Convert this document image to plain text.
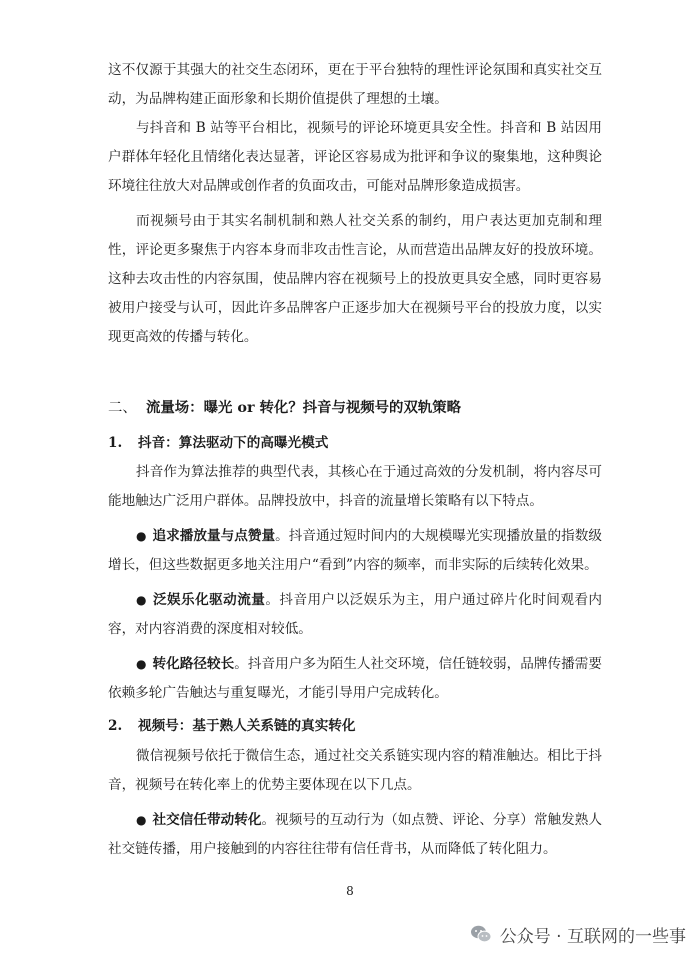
这不仅源于其强大的社交生态闭环，更在于平台独特的理性评论氛围和真实社交互动，为品牌构建正面形象和长期价值提供了理想的土壤。

与抖音和 B 站等平台相比，视频号的评论环境更具安全性。抖音和 B 站因用户群体年轻化且情绪化表达显著，评论区容易成为批评和争议的聚集地，这种舆论环境往往放大对品牌或创作者的负面攻击，可能对品牌形象造成损害。

而视频号由于其实名制机制和熟人社交关系的制约，用户表达更加克制和理性，评论更多聚焦于内容本身而非攻击性言论，从而营造出品牌友好的投放环境。这种去攻击性的内容氛围，使品牌内容在视频号上的投放更具安全感，同时更容易被用户接受与认可，因此许多品牌客户正逐步加大在视频号平台的投放力度，以实现更高效的传播与转化。

二、 流量场：曝光 or 转化？抖音与视频号的双轨策略
1. 抖音：算法驱动下的高曝光模式

抖音作为算法推荐的典型代表，其核心在于通过高效的分发机制，将内容尽可能地触达广泛用户群体。品牌投放中，抖音的流量增长策略有以下特点。

● 追求播放量与点赞量。抖音通过短时间内的大规模曝光实现播放量的指数级增长，但这些数据更多地关注用户“看到”内容的频率，而非实际的后续转化效果。

● 泛娱乐化驱动流量。抖音用户以泛娱乐为主，用户通过碎片化时间观看内容，对内容消费的深度相对较低。

● 转化路径较长。抖音用户多为陌生人社交环境，信任链较弱，品牌传播需要依赖多轮广告触达与重复曝光，才能引导用户完成转化。

2. 视频号：基于熟人关系链的真实转化

微信视频号依托于微信生态，通过社交关系链实现内容的精准触达。相比于抖音，视频号在转化率上的优势主要体现在以下几点。

● 社交信任带动转化。视频号的互动行为（如点赞、评论、分享）常触发熟人社交链传播，用户接触到的内容往往带有信任背书，从而降低了转化阻力。

8
公众号 · 互联网的一些事
